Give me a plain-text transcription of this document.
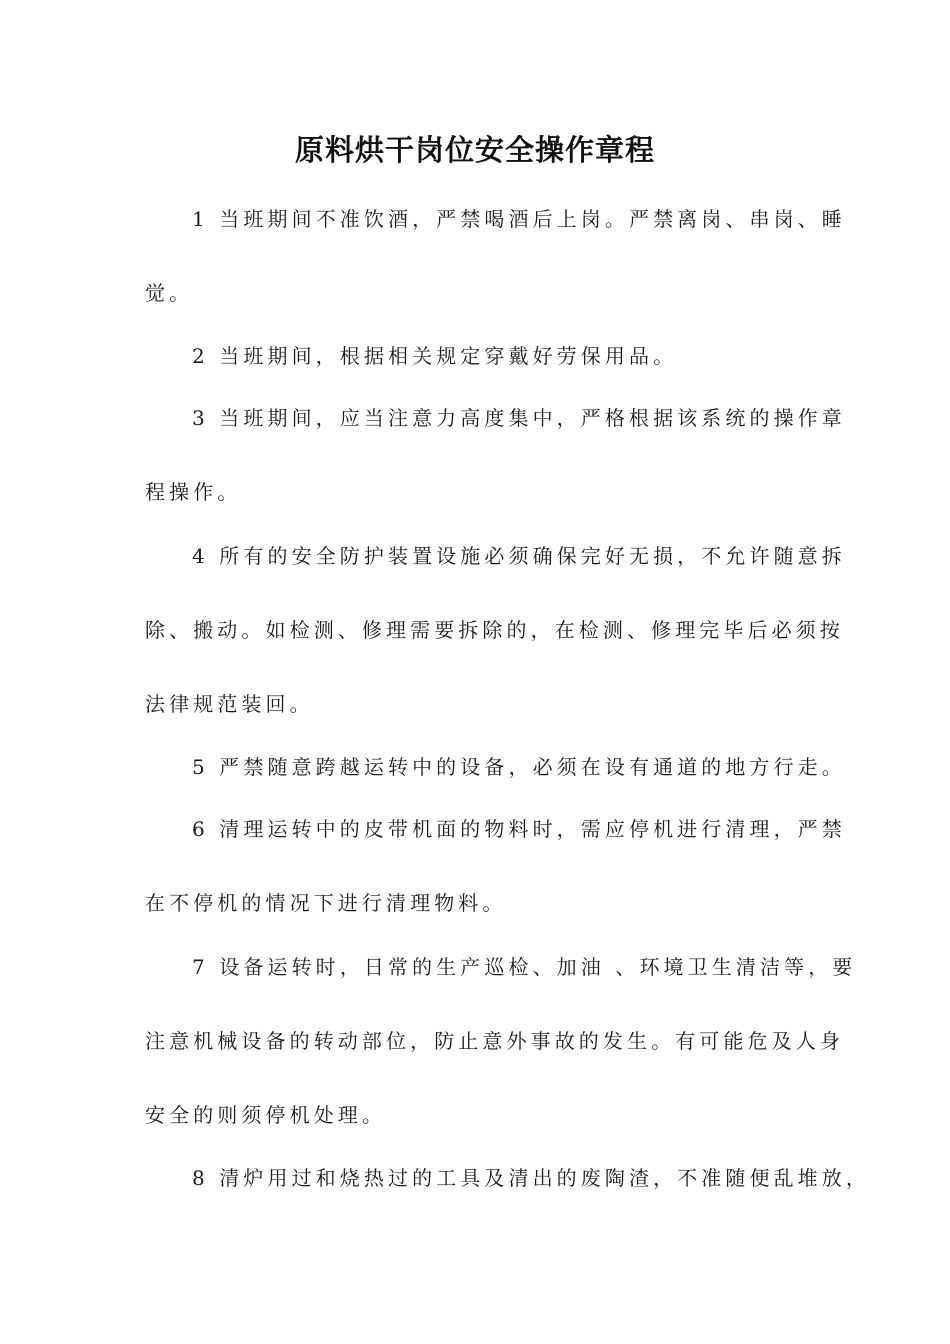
原料烘干岗位安全操作章程
1 当班期间不准饮酒，严禁喝酒后上岗。严禁离岗、串岗、睡
觉。
2 当班期间，根据相关规定穿戴好劳保用品。
3 当班期间，应当注意力高度集中，严格根据该系统的操作章
程操作。
4 所有的安全防护装置设施必须确保完好无损，不允许随意拆
除、搬动。如检测、修理需要拆除的，在检测、修理完毕后必须按
法律规范装回。
5 严禁随意跨越运转中的设备，必须在设有通道的地方行走。
6 清理运转中的皮带机面的物料时，需应停机进行清理，严禁
在不停机的情况下进行清理物料。
7 设备运转时，日常的生产巡检、加油 、环境卫生清洁等，要
注意机械设备的转动部位，防止意外事故的发生。有可能危及人身
安全的则须停机处理。
8 清炉用过和烧热过的工具及清出的废陶渣，不准随便乱堆放，
